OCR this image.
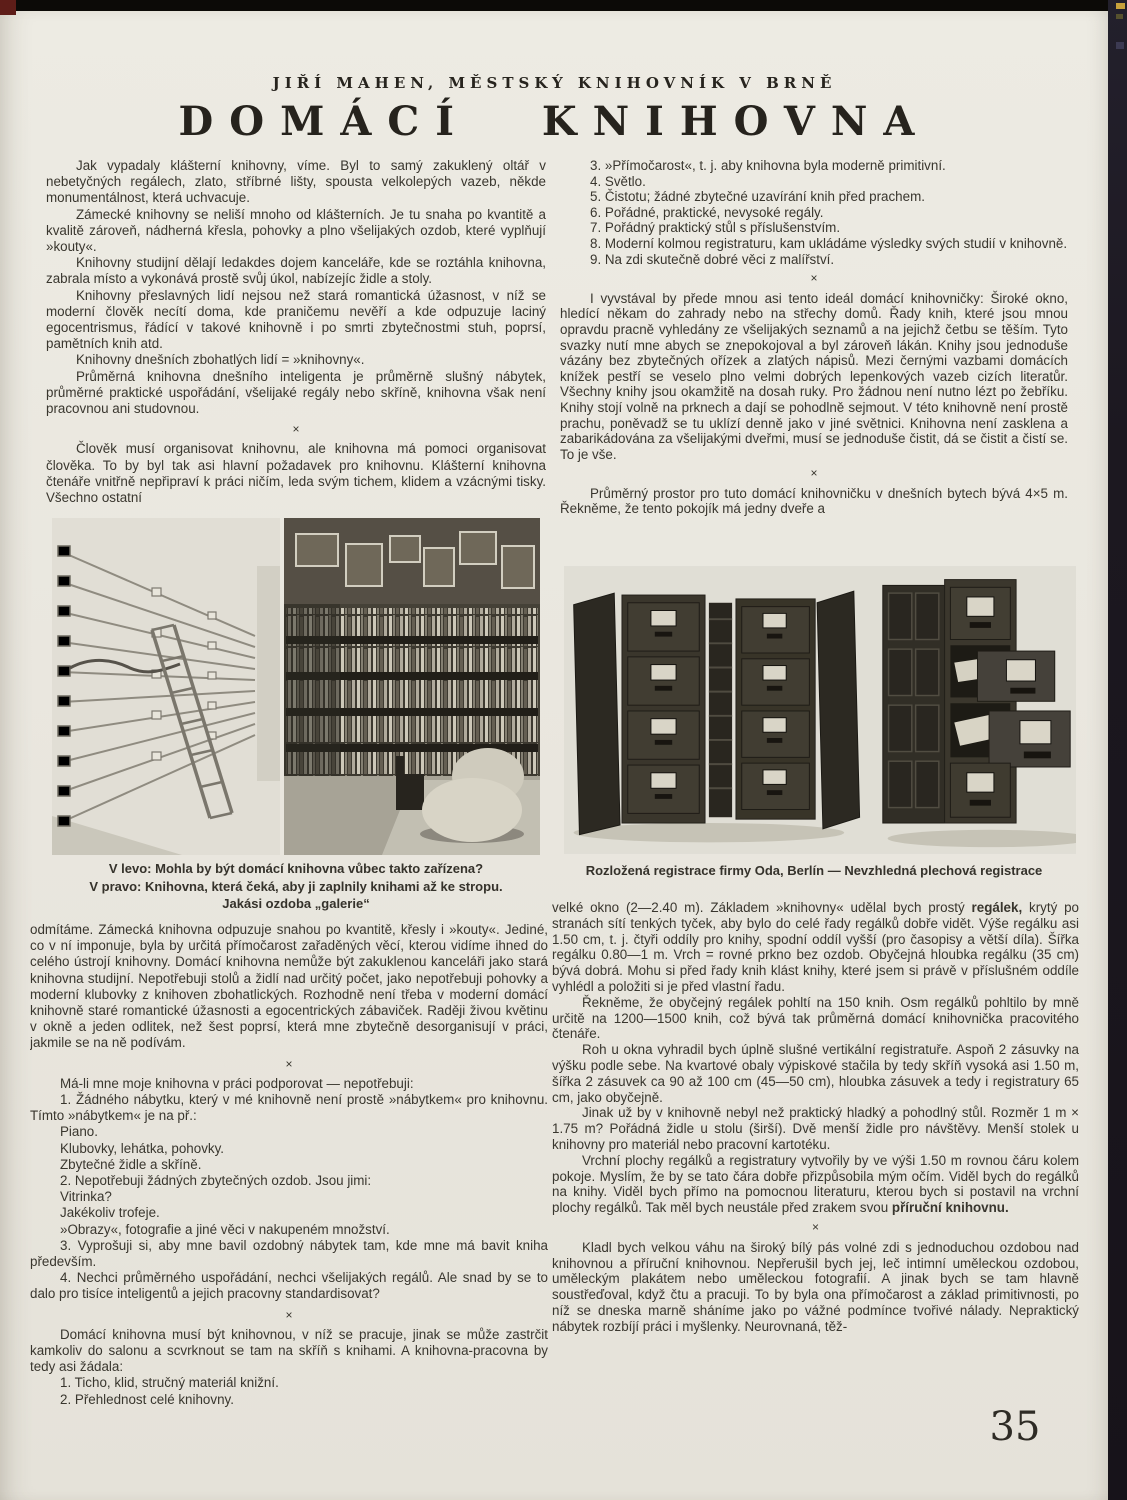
JIŘÍ MAHEN, MĚSTSKÝ KNIHOVNÍK V BRNĚ
DOMÁCÍ KNIHOVNA

Jak vypadaly klášterní knihovny, víme. Byl to samý zakuklený oltář v nebetyčných regálech, zlato, stříbrné lišty, spousta velkolepých vazeb, někde monumentálnost, která uchvacuje.

Zámecké knihovny se neliší mnoho od klášterních. Je tu snaha po kvantitě a kvalitě zároveň, nádherná křesla, pohovky a plno všelijakých ozdob, které vyplňují »kouty«.

Knihovny studijní dělají ledakdes dojem kanceláře, kde se roztáhla knihovna, zabrala místo a vykonává prostě svůj úkol, nabízejíc židle a stoly.

Knihovny přeslavných lidí nejsou než stará romantická úžasnost, v níž se moderní člověk necítí doma, kde praničemu nevěří a kde odpuzuje laciný egocentrismus, řádící v takové knihovně i po smrti zbytečnostmi stuh, poprsí, pamětních knih atd.

Knihovny dnešních zbohatlých lidí = »knihovny«.

Průměrná knihovna dnešního inteligenta je průměrně slušný nábytek, průměrné praktické uspořádání, všelijaké regály nebo skříně, knihovna však není pracovnou ani studovnou.

×

Člověk musí organisovat knihovnu, ale knihovna má pomoci organisovat člověka. To by byl tak asi hlavní požadavek pro knihovnu. Klášterní knihovna čtenáře vnitřně nepřipraví k práci ničím, leda svým tichem, klidem a vzácnými tisky. Všechno ostatní

V levo: Mohla by být domácí knihovna vůbec takto zařízena?
V pravo: Knihovna, která čeká, aby ji zaplnily knihami až ke stropu.
Jakási ozdoba „galerie“

odmítáme. Zámecká knihovna odpuzuje snahou po kvantitě, křesly i »kouty«. Jediné, co v ní imponuje, byla by určitá přímočarost zařaděných věcí, kterou vidíme ihned do celého ústrojí knihovny. Domácí knihovna nemůže být zakuklenou kanceláři jako stará knihovna studijní. Nepotřebuji stolů a židlí nad určitý počet, jako nepotřebuji pohovky a moderní klubovky z knihoven zbohatlických. Rozhodně není třeba v moderní domácí knihovně staré romantické úžasnosti a egocentrických zábaviček. Raději živou květinu v okně a jeden odlitek, než šest poprsí, která mne zbytečně desorganisují v práci, jakmile se na ně podívám.

×

Má-li mne moje knihovna v práci podporovat — nepotřebuji:

1. Žádného nábytku, který v mé knihovně není prostě »nábytkem« pro knihovnu. Tímto »nábytkem« je na př.:

Piano.

Klubovky, lehátka, pohovky.

Zbytečné židle a skříně.

2. Nepotřebuji žádných zbytečných ozdob. Jsou jimi:

Vitrinka?

Jakékoliv trofeje.

»Obrazy«, fotografie a jiné věci v nakupeném množství.

3. Vyprošuji si, aby mne bavil ozdobný nábytek tam, kde mne má bavit kniha především.

4. Nechci průměrného uspořádání, nechci všelijakých regálů. Ale snad by se to dalo pro tisíce inteligentů a jejich pracovny standardisovat?

×

Domácí knihovna musí být knihovnou, v níž se pracuje, jinak se může zastrčit kamkoliv do salonu a scvrknout se tam na skříň s knihami. A knihovna-pracovna by tedy asi žádala:

1. Ticho, klid, stručný materiál knižní.

2. Přehlednost celé knihovny.

3. »Přímočarost«, t. j. aby knihovna byla moderně primitivní.

4. Světlo.

5. Čistotu; žádné zbytečné uzavírání knih před prachem.

6. Pořádné, praktické, nevysoké regály.

7. Pořádný praktický stůl s příslušenstvím.

8. Moderní kolmou registraturu, kam ukládáme výsledky svých studií v knihovně.

9. Na zdi skutečně dobré věci z malířství.

×

I vyvstával by přede mnou asi tento ideál domácí knihovničky: Široké okno, hledící někam do zahrady nebo na střechy domů. Řady knih, které jsou mnou opravdu pracně vyhledány ze všelijakých seznamů a na jejichž četbu se těším. Tyto svazky nutí mne abych se znepokojoval a byl zároveň lákán. Knihy jsou jednoduše vázány bez zbytečných ořízek a zlatých nápisů. Mezi černými vazbami domácích knížek pestří se veselo plno velmi dobrých lepenkových vazeb cizích literatůr. Všechny knihy jsou okamžitě na dosah ruky. Pro žádnou není nutno lézt po žebříku. Knihy stojí volně na prknech a dají se pohodlně sejmout. V této knihovně není prostě prachu, poněvadž se tu uklízí denně jako v jiné světnici. Knihovna není zasklena a zabarikádována za všelijakými dveřmi, musí se jednoduše čistit, dá se čistit a čistí se. To je vše.

×

Průměrný prostor pro tuto domácí knihovničku v dnešních bytech bývá 4×5 m. Řekněme, že tento pokojík má jedny dveře a

Rozložená registrace firmy Oda, Berlín — Nevzhledná plechová registrace

velké okno (2—2.40 m). Základem »knihovny« udělal bych prostý regálek, krytý po stranách sítí tenkých tyček, aby bylo do celé řady regálků dobře vidět. Výše regálku asi 1.50 cm, t. j. čtyři oddíly pro knihy, spodní oddíl vyšší (pro časopisy a větší díla). Šířka regálku 0.80—1 m. Vrch = rovné prkno bez ozdob. Obyčejná hloubka regálku (35 cm) bývá dobrá. Mohu si před řady knih klást knihy, které jsem si právě v příslušném oddíle vyhlédl a položiti si je před vlastní řadu.

Řekněme, že obyčejný regálek pohltí na 150 knih. Osm regálků pohltilo by mně určitě na 1200—1500 knih, což bývá tak průměrná domácí knihovnička pracovitého čtenáře.

Roh u okna vyhradil bych úplně slušné vertikální registratuře. Aspoň 2 zásuvky na výšku podle sebe. Na kvartové obaly výpiskové stačila by tedy skříň vysoká asi 1.50 m, šířka 2 zásuvek ca 90 až 100 cm (45—50 cm), hloubka zásuvek a tedy i registratury 65 cm, jako obyčejně.

Jinak už by v knihovně nebyl než praktický hladký a pohodlný stůl. Rozměr 1 m × 1.75 m? Pořádná židle u stolu (širší). Dvě menší židle pro návštěvy. Menší stolek u knihovny pro materiál nebo pracovní kartotéku.

Vrchní plochy regálků a registratury vytvořily by ve výši 1.50 m rovnou čáru kolem pokoje. Myslím, že by se tato čára dobře přizpůsobila mým očím. Viděl bych do regálků na knihy. Viděl bych přímo na pomocnou literaturu, kterou bych si postavil na vrchní plochy regálků. Tak měl bych neustále před zrakem svou příruční knihovnu.

×

Kladl bych velkou váhu na široký bílý pás volné zdi s jednoduchou ozdobou nad knihovnou a příruční knihovnou. Nepřerušil bych jej, leč intimní uměleckou ozdobou, uměleckým plakátem nebo uměleckou fotografií. A jinak bych se tam hlavně soustřeďoval, když čtu a pracuji. To by byla ona přímočarost a základ primitivnosti, po níž se dneska marně sháníme jako po vážné podmínce tvořivé nálady. Nepraktický nábytek rozbíjí práci i myšlenky. Neurovnaná, těž-

35
